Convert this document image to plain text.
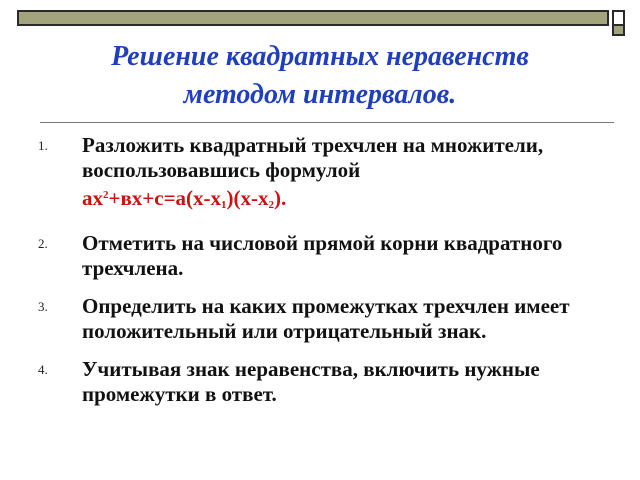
Решение квадратных неравенств
методом интервалов.
1. Разложить квадратный трехчлен на множители, воспользовавшись формулой
$ах^2+вх+с=а(х-х_1)(х-х_2)$.
2. Отметить на числовой прямой корни квадратного трехчлена.
3. Определить на каких промежутках трехчлен имеет положительный или отрицательный знак.
4. Учитывая знак неравенства, включить нужные промежутки в ответ.
